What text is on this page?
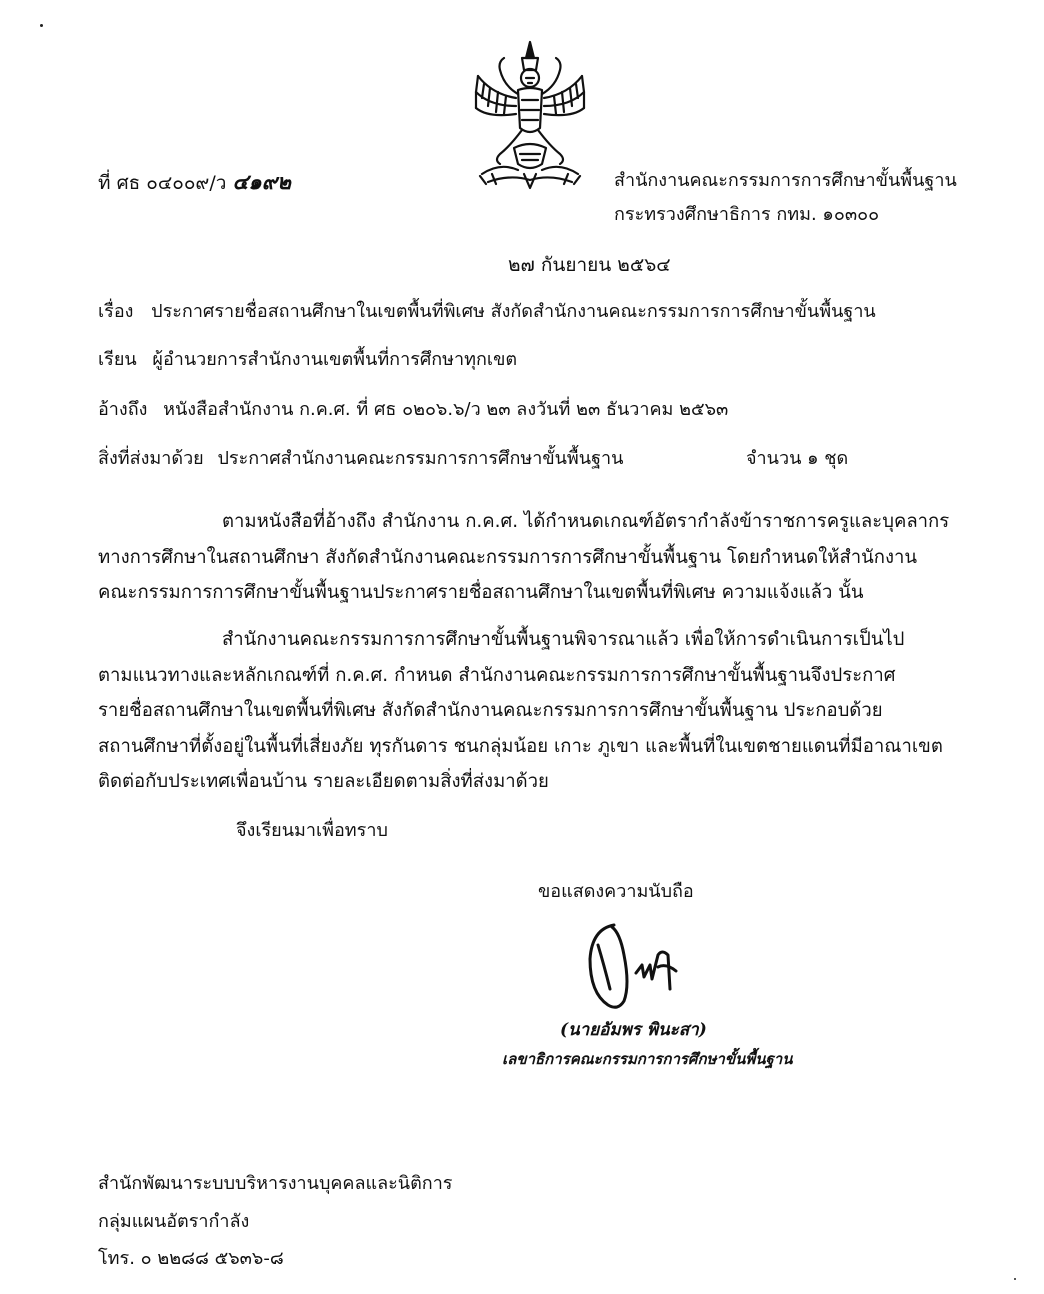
ที่ ศธ ๐๔๐๐๙/ว ๔๑๙๒	สำนักงานคณะกรรมการการศึกษาขั้นพื้นฐาน
กระทรวงศึกษาธิการ กทม. ๑๐๓๐๐
๒๗ กันยายน ๒๕๖๔
เรื่อง ประกาศรายชื่อสถานศึกษาในเขตพื้นที่พิเศษ สังกัดสำนักงานคณะกรรมการการศึกษาขั้นพื้นฐาน
เรียน ผู้อำนวยการสำนักงานเขตพื้นที่การศึกษาทุกเขต
อ้างถึง หนังสือสำนักงาน ก.ค.ศ. ที่ ศธ ๐๒๐๖.๖/ว ๒๓ ลงวันที่ ๒๓ ธันวาคม ๒๕๖๓
สิ่งที่ส่งมาด้วย ประกาศสำนักงานคณะกรรมการการศึกษาขั้นพื้นฐาน	จำนวน ๑ ชุด

ตามหนังสือที่อ้างถึง สำนักงาน ก.ค.ศ. ได้กำหนดเกณฑ์อัตรากำลังข้าราชการครูและบุคลากร

ทางการศึกษาในสถานศึกษา สังกัดสำนักงานคณะกรรมการการศึกษาขั้นพื้นฐาน โดยกำหนดให้สำนักงาน

คณะกรรมการการศึกษาขั้นพื้นฐานประกาศรายชื่อสถานศึกษาในเขตพื้นที่พิเศษ ความแจ้งแล้ว นั้น

สำนักงานคณะกรรมการการศึกษาขั้นพื้นฐานพิจารณาแล้ว เพื่อให้การดำเนินการเป็นไป

ตามแนวทางและหลักเกณฑ์ที่ ก.ค.ศ. กำหนด สำนักงานคณะกรรมการการศึกษาขั้นพื้นฐานจึงประกาศ

รายชื่อสถานศึกษาในเขตพื้นที่พิเศษ สังกัดสำนักงานคณะกรรมการการศึกษาขั้นพื้นฐาน ประกอบด้วย

สถานศึกษาที่ตั้งอยู่ในพื้นที่เสี่ยงภัย ทุรกันดาร ชนกลุ่มน้อย เกาะ ภูเขา และพื้นที่ในเขตชายแดนที่มีอาณาเขต

ติดต่อกับประเทศเพื่อนบ้าน รายละเอียดตามสิ่งที่ส่งมาด้วย

จึงเรียนมาเพื่อทราบ
ขอแสดงความนับถือ
(นายอัมพร พินะสา)
เลขาธิการคณะกรรมการการศึกษาขั้นพื้นฐาน
สำนักพัฒนาระบบบริหารงานบุคคลและนิติการ
กลุ่มแผนอัตรากำลัง
โทร. ๐ ๒๒๘๘ ๕๖๓๖-๘
